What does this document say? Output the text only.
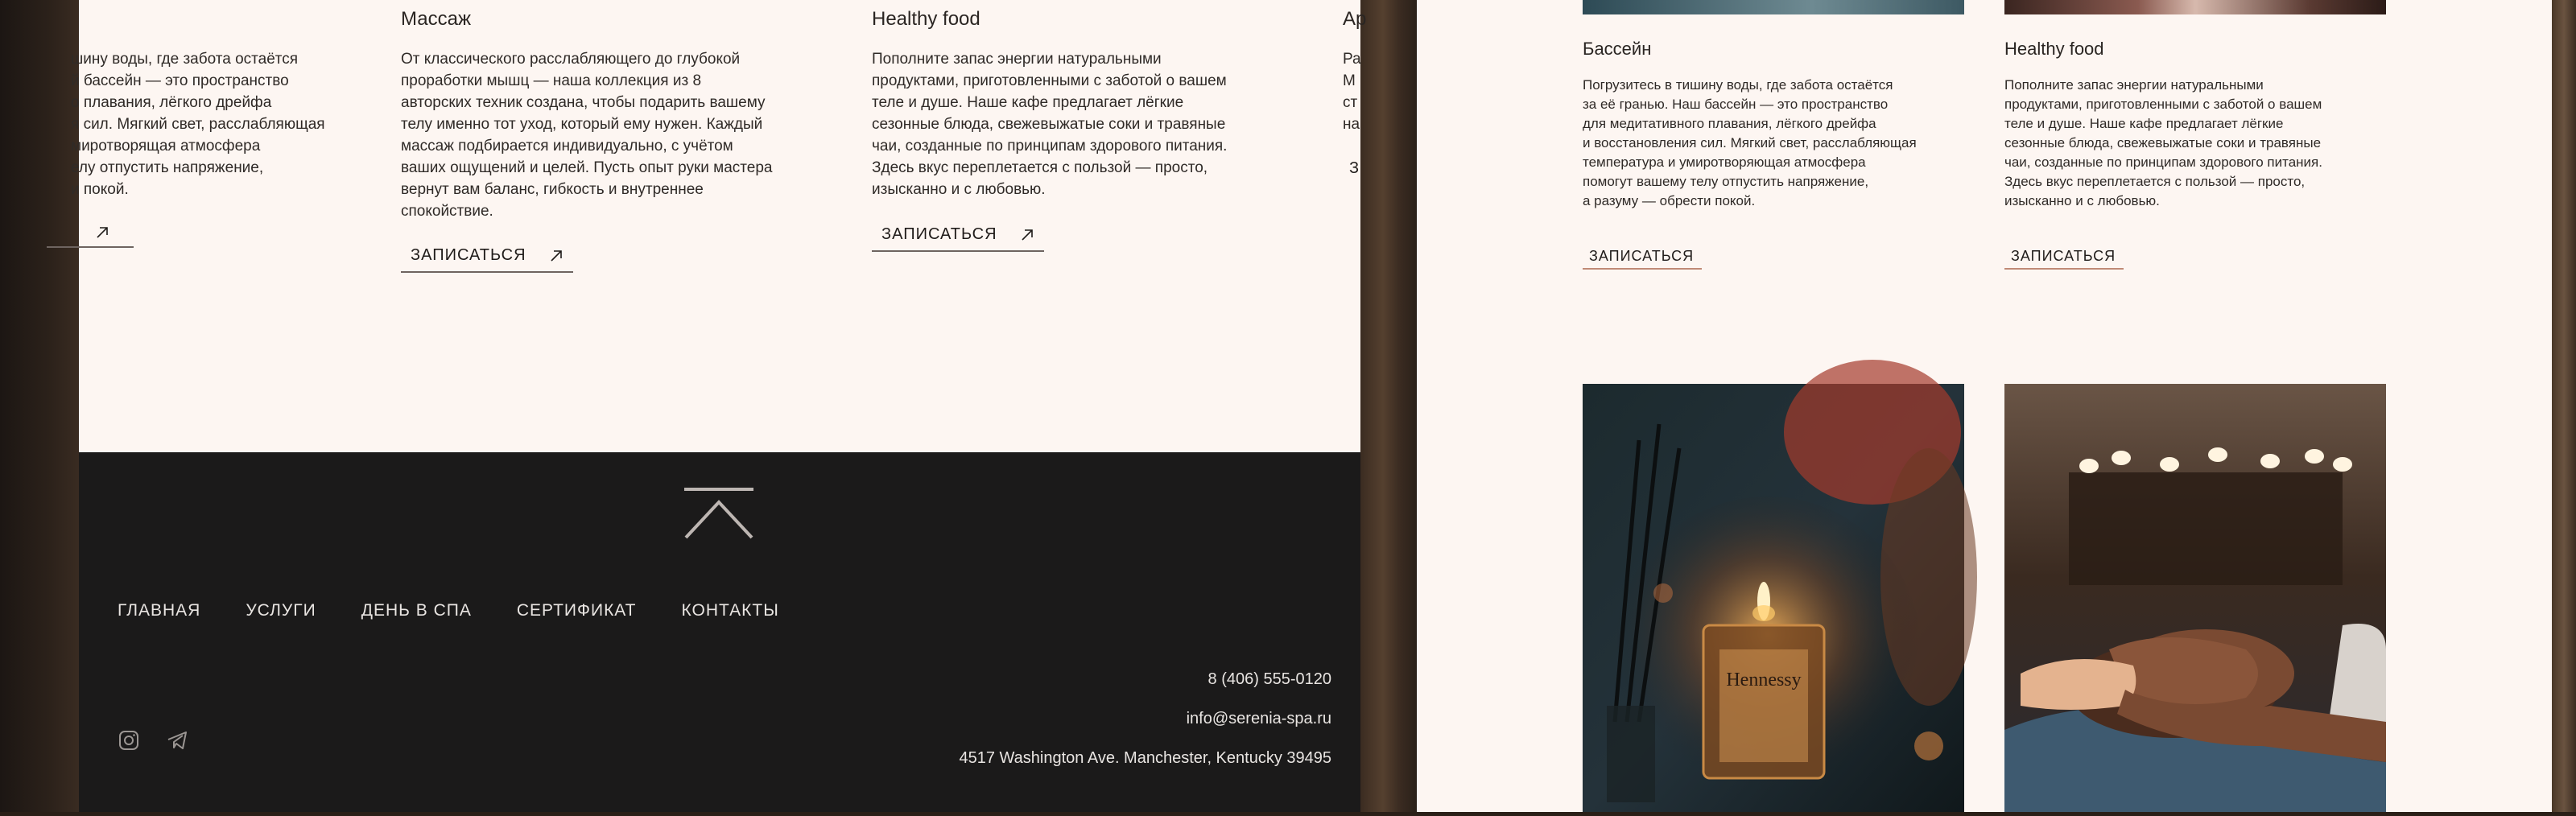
шину воды, где забота остаётся
й бассейн — это пространство
о плавания, лёгкого дрейфа
я сил. Мягкий свет, расслабляющая
миротворящая атмосфера
елу отпустить напряжение,
и покой.
Массаж
От классического расслабляющего до глубокой
проработки мышц — наша коллекция из 8
авторских техник создана, чтобы подарить вашему
телу именно тот уход, который ему нужен. Каждый
массаж подбирается индивидуально, с учётом
ваших ощущений и целей. Пусть опыт руки мастера
вернут вам баланс, гибкость и внутреннее
спокойствие.
ЗАПИСАТЬСЯ
Healthy food
Пополните запас энергии натуральными
продуктами, приготовленными с заботой о вашем
теле и душе. Наше кафе предлагает лёгкие
сезонные блюда, свежевыжатые соки и травяные
чаи, созданные по принципам здорового питания.
Здесь вкус переплетается с пользой — просто,
изысканно и с любовью.
ЗАПИСАТЬСЯ
Ар
Ра
М
ст
на
З
ГЛАВНАЯ	УСЛУГИ	ДЕНЬ В СПА	СЕРТИФИКАТ	КОНТАКТЫ
8 (406) 555-0120
info@serenia-spa.ru
4517 Washington Ave. Manchester, Kentucky 39495
Бассейн
Погрузитесь в тишину воды, где забота остаётся
за её гранью. Наш бассейн — это пространство
для медитативного плавания, лёгкого дрейфа
и восстановления сил. Мягкий свет, расслабляющая
температура и умиротворяющая атмосфера
помогут вашему телу отпустить напряжение,
а разуму — обрести покой.
ЗАПИСАТЬСЯ
Healthy food
Пополните запас энергии натуральными
продуктами, приготовленными с заботой о вашем
теле и душе. Наше кафе предлагает лёгкие
сезонные блюда, свежевыжатые соки и травяные
чаи, созданные по принципам здорового питания.
Здесь вкус переплетается с пользой — просто,
изысканно и с любовью.
ЗАПИСАТЬСЯ
Hennessy
